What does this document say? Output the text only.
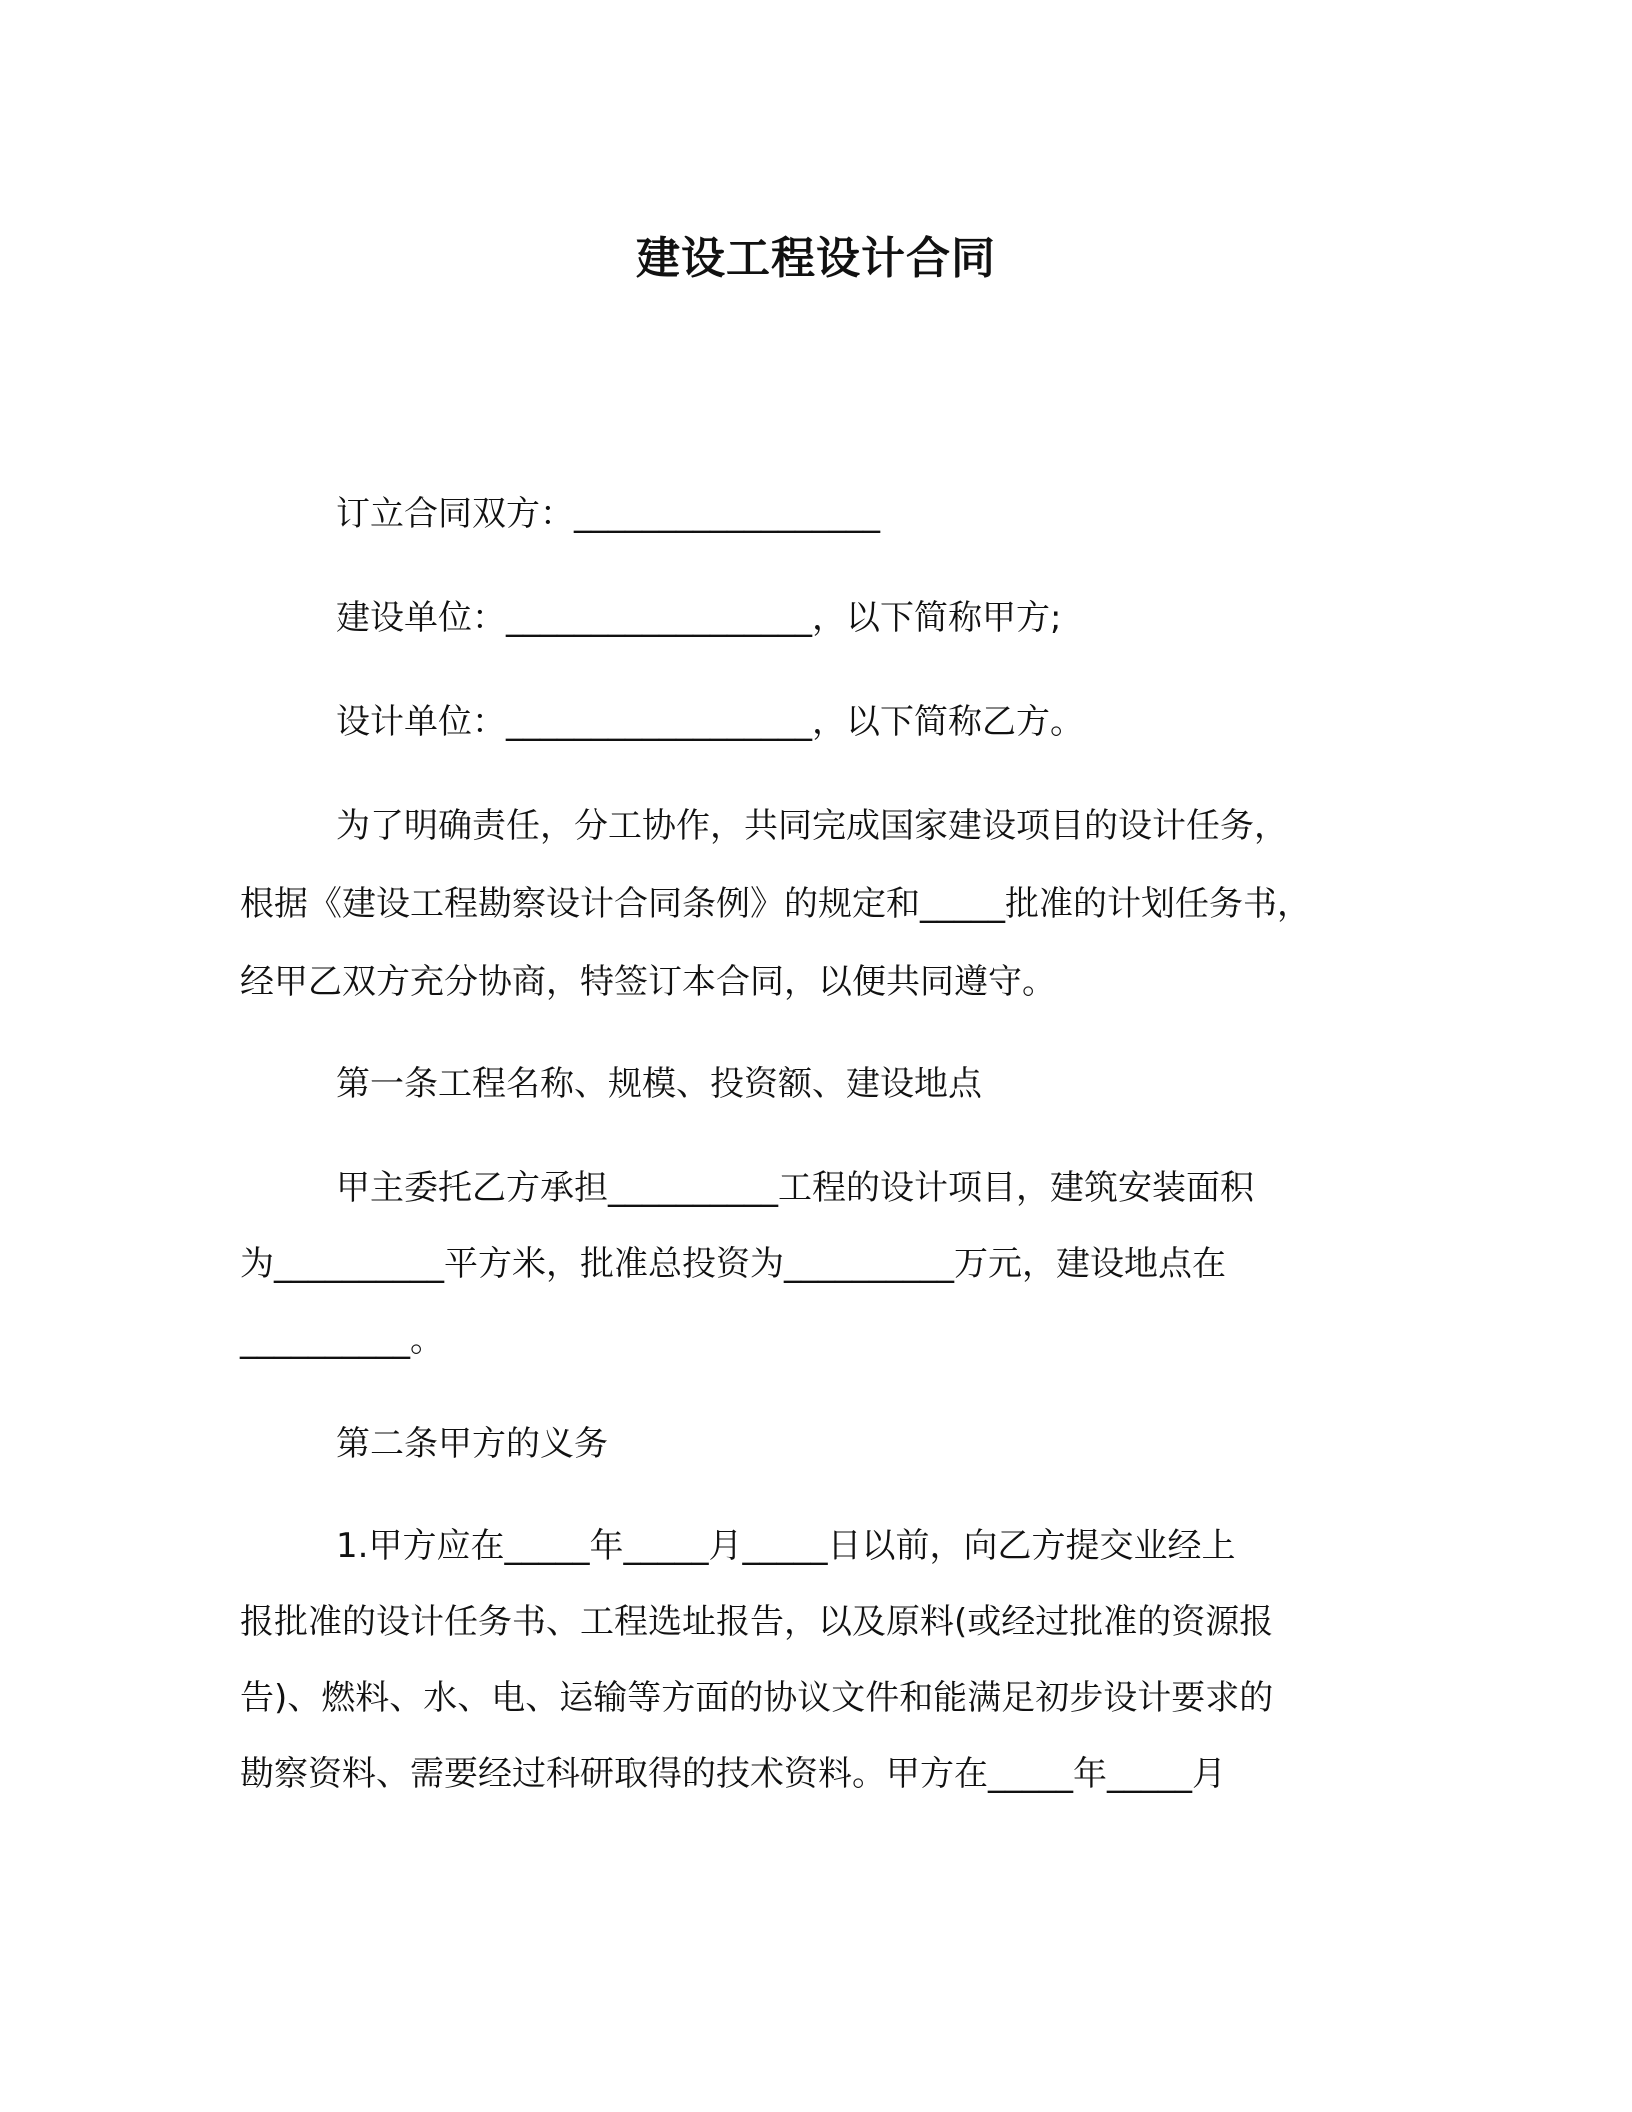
建设工程设计合同
订立合同双方：__________________
建设单位：__________________，以下简称甲方;
设计单位：__________________，以下简称乙方。
为了明确责任，分工协作，共同完成国家建设项目的设计任务，
根据《建设工程勘察设计合同条例》的规定和_____批准的计划任务书，
经甲乙双方充分协商，特签订本合同，以便共同遵守。
第一条工程名称、规模、投资额、建设地点
甲主委托乙方承担__________工程的设计项目，建筑安装面积
为__________平方米，批准总投资为__________万元，建设地点在
__________。
第二条甲方的义务
1.甲方应在_____年_____月_____日以前，向乙方提交业经上
报批准的设计任务书、工程选址报告，以及原料(或经过批准的资源报
告)、燃料、水、电、运输等方面的协议文件和能满足初步设计要求的
勘察资料、需要经过科研取得的技术资料。甲方在_____年_____月
